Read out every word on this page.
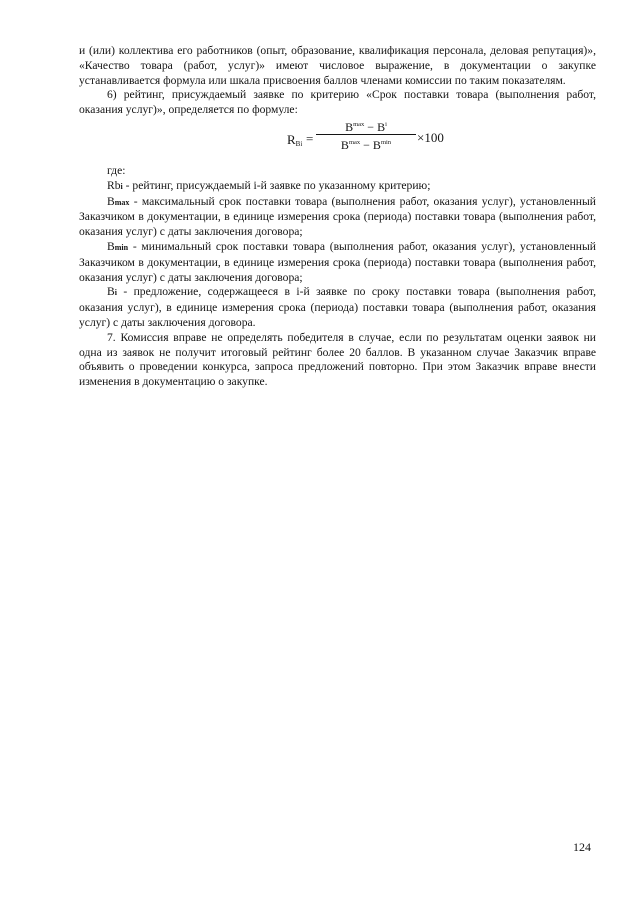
и (или) коллектива его работников (опыт, образование, квалификация персонала, деловая репутация)», «Качество товара (работ, услуг)» имеют числовое выражение, в документации о закупке устанавливается формула или шкала присвоения баллов членами комиссии по таким показателям.

6) рейтинг, присуждаемый заявке по критерию «Срок поставки товара (выполнения работ, оказания услуг)», определяется по формуле:

$R_{Bi}$ =
$B^{max} - B^i$
$B^{max} - B^{min}$	×100

где:

Rbi - рейтинг, присуждаемый i-й заявке по указанному критерию;

Bmax - максимальный срок поставки товара (выполнения работ, оказания услуг), установленный Заказчиком в документации, в единице измерения срока (периода) поставки товара (выполнения работ, оказания услуг) с даты заключения договора;

Bmin - минимальный срок поставки товара (выполнения работ, оказания услуг), установленный Заказчиком в документации, в единице измерения срока (периода) поставки товара (выполнения работ, оказания услуг) с даты заключения договора;

Bi - предложение, содержащееся в i-й заявке по сроку поставки товара (выполнения работ, оказания услуг), в единице измерения срока (периода) поставки товара (выполнения работ, оказания услуг) с даты заключения договора.

7. Комиссия вправе не определять победителя в случае, если по результатам оценки заявок ни одна из заявок не получит итоговый рейтинг более 20 баллов. В указанном случае Заказчик вправе объявить о проведении конкурса, запроса предложений повторно. При этом Заказчик вправе внести изменения в документацию о закупке.

124
